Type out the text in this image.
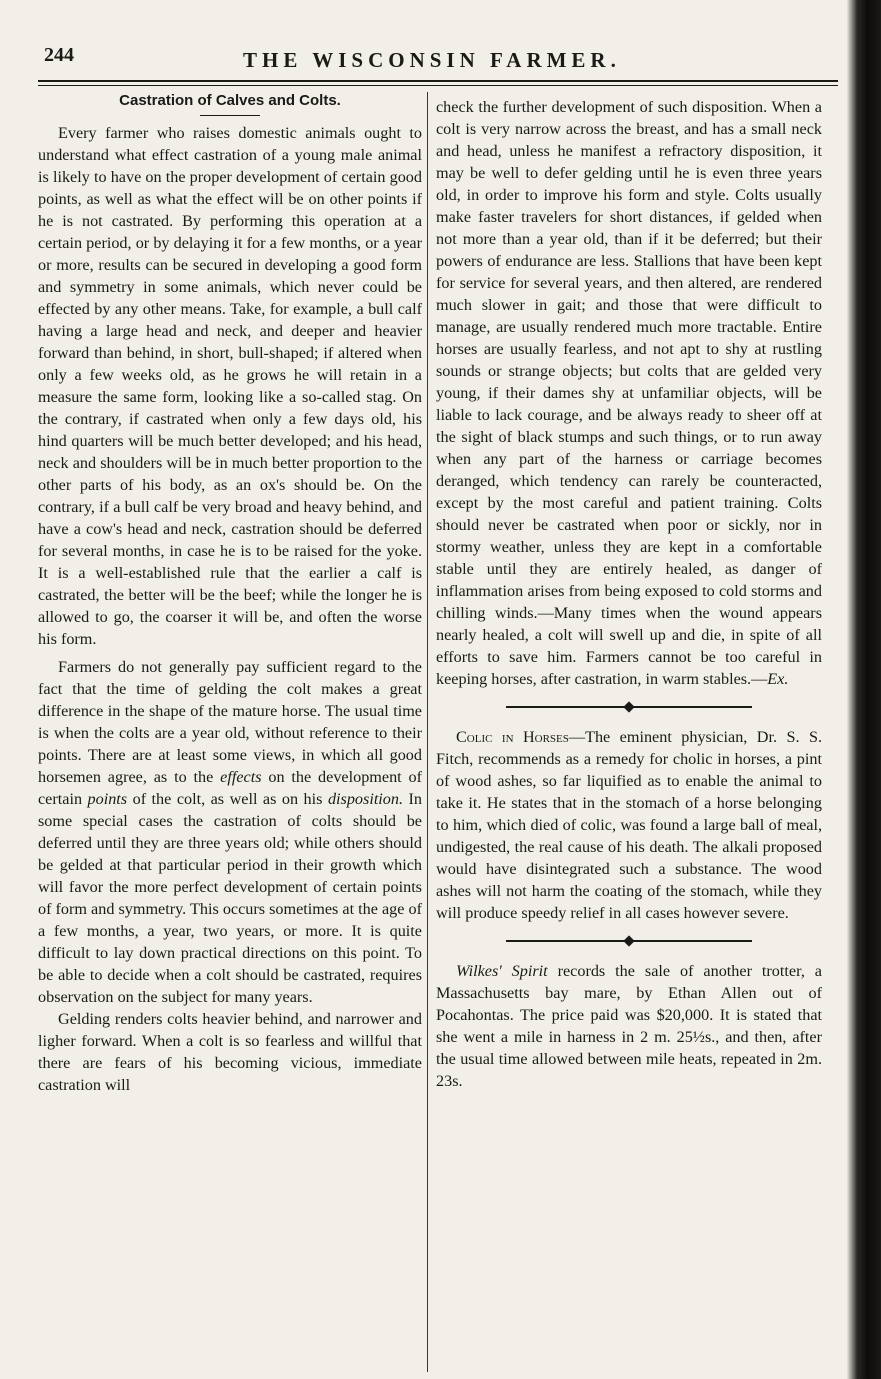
244	THE WISCONSIN FARMER.
Castration of Calves and Colts.

Every farmer who raises domestic animals ought to understand what effect castration of a young male animal is likely to have on the proper development of certain good points, as well as what the effect will be on other points if he is not castrated. By performing this operation at a certain period, or by delaying it for a few months, or a year or more, results can be secured in developing a good form and symmetry in some animals, which never could be effected by any other means. Take, for example, a bull calf having a large head and neck, and deeper and heavier forward than behind, in short, bull-shaped; if altered when only a few weeks old, as he grows he will retain in a measure the same form, looking like a so-called stag. On the contrary, if castrated when only a few days old, his hind quarters will be much better developed; and his head, neck and shoulders will be in much better proportion to the other parts of his body, as an ox's should be. On the contrary, if a bull calf be very broad and heavy behind, and have a cow's head and neck, castration should be deferred for several months, in case he is to be raised for the yoke. It is a well-established rule that the earlier a calf is castrated, the better will be the beef; while the longer he is allowed to go, the coarser it will be, and often the worse his form.

Farmers do not generally pay sufficient regard to the fact that the time of gelding the colt makes a great difference in the shape of the mature horse. The usual time is when the colts are a year old, without reference to their points. There are at least some views, in which all good horsemen agree, as to the effects on the development of certain points of the colt, as well as on his disposition. In some special cases the castration of colts should be deferred until they are three years old; while others should be gelded at that particular period in their growth which will favor the more perfect development of certain points of form and symmetry. This occurs sometimes at the age of a few months, a year, two years, or more. It is quite difficult to lay down practical directions on this point. To be able to decide when a colt should be castrated, requires observation on the subject for many years.

Gelding renders colts heavier behind, and narrower and ligher forward. When a colt is so fearless and willful that there are fears of his becoming vicious, immediate castration will

check the further development of such disposition. When a colt is very narrow across the breast, and has a small neck and head, unless he manifest a refractory disposition, it may be well to defer gelding until he is even three years old, in order to improve his form and style. Colts usually make faster travelers for short distances, if gelded when not more than a year old, than if it be deferred; but their powers of endurance are less. Stallions that have been kept for service for several years, and then altered, are rendered much slower in gait; and those that were difficult to manage, are usually rendered much more tractable. Entire horses are usually fearless, and not apt to shy at rustling sounds or strange objects; but colts that are gelded very young, if their dames shy at unfamiliar objects, will be liable to lack courage, and be always ready to sheer off at the sight of black stumps and such things, or to run away when any part of the harness or carriage becomes deranged, which tendency can rarely be counteracted, except by the most careful and patient training. Colts should never be castrated when poor or sickly, nor in stormy weather, unless they are kept in a comfortable stable until they are entirely healed, as danger of inflammation arises from being exposed to cold storms and chilling winds.—Many times when the wound appears nearly healed, a colt will swell up and die, in spite of all efforts to save him. Farmers cannot be too careful in keeping horses, after castration, in warm stables.—Ex.

Colic in Horses—The eminent physician, Dr. S. S. Fitch, recommends as a remedy for cholic in horses, a pint of wood ashes, so far liquified as to enable the animal to take it. He states that in the stomach of a horse belonging to him, which died of colic, was found a large ball of meal, undigested, the real cause of his death. The alkali proposed would have disintegrated such a substance. The wood ashes will not harm the coating of the stomach, while they will produce speedy relief in all cases however severe.

Wilkes' Spirit records the sale of another trotter, a Massachusetts bay mare, by Ethan Allen out of Pocahontas. The price paid was $20,000. It is stated that she went a mile in harness in 2 m. 25½s., and then, after the usual time allowed between mile heats, repeated in 2m. 23s.
